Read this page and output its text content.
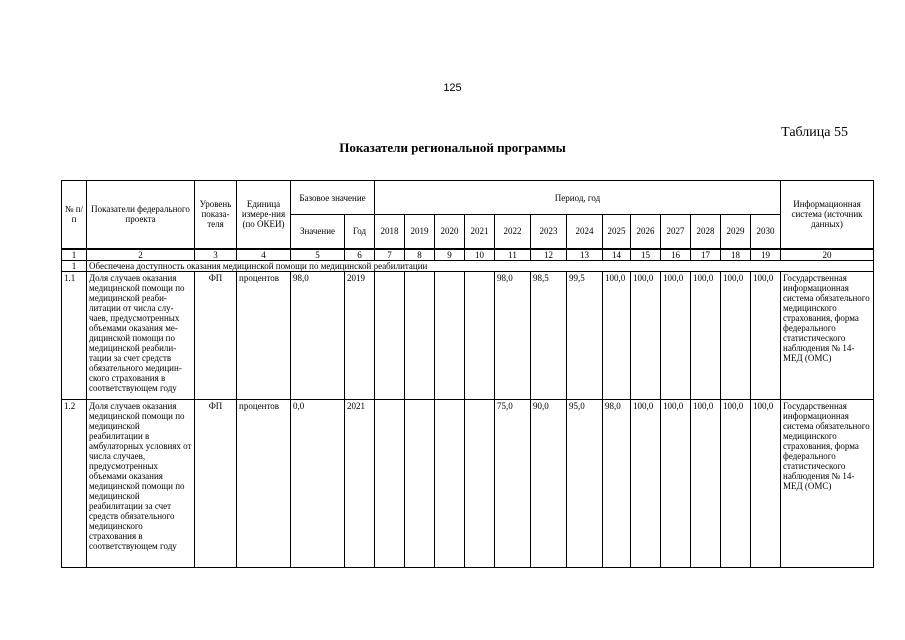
125
Таблица 55
Показатели региональной программы
№ п/п	Показатели федерального проекта	Уровень показа-теля	Единица измере-ния (по ОКЕИ)	Базовое значение		Период, год													Информационная система (источник данных)
				Значение	Год	2018	2019	2020	2021	2022	2023	2024	2025	2026	2027	2028	2029	2030	
1	2	3	4	5	6	7	8	9	10	11	12	13	14	15	16	17	18	19	20
1	Обеспечена доступность оказания медицинской помощи по медицинской реабилитации																		
1.1	Доля случаев оказания медицинской помощи по медицинской реаби-литации от числа слу-чаев, предусмотренных объемами оказания ме-дицинской помощи по медицинской реабили-тации за счет средств обязательного медицин-ского страхования в соответствующем году	ФП	процентов	98,0	2019					98,0	98,5	99,5	100,0	100,0	100,0	100,0	100,0	100,0	Государственная информационная система обязательного медицинского страхования, форма федерального статистического наблюдения № 14-МЕД (ОМС)
1.2	Доля случаев оказания медицинской помощи по медицинской реабилитации в амбулаторных условиях от числа случаев, предусмотренных объемами оказания медицинской помощи по медицинской реабилитации за счет средств обязательного медицинского страхования в соответствующем году	ФП	процентов	0,0	2021					75,0	90,0	95,0	98,0	100,0	100,0	100,0	100,0	100,0	Государственная информационная система обязательного медицинского страхования, форма федерального статистического наблюдения № 14-МЕД (ОМС)
